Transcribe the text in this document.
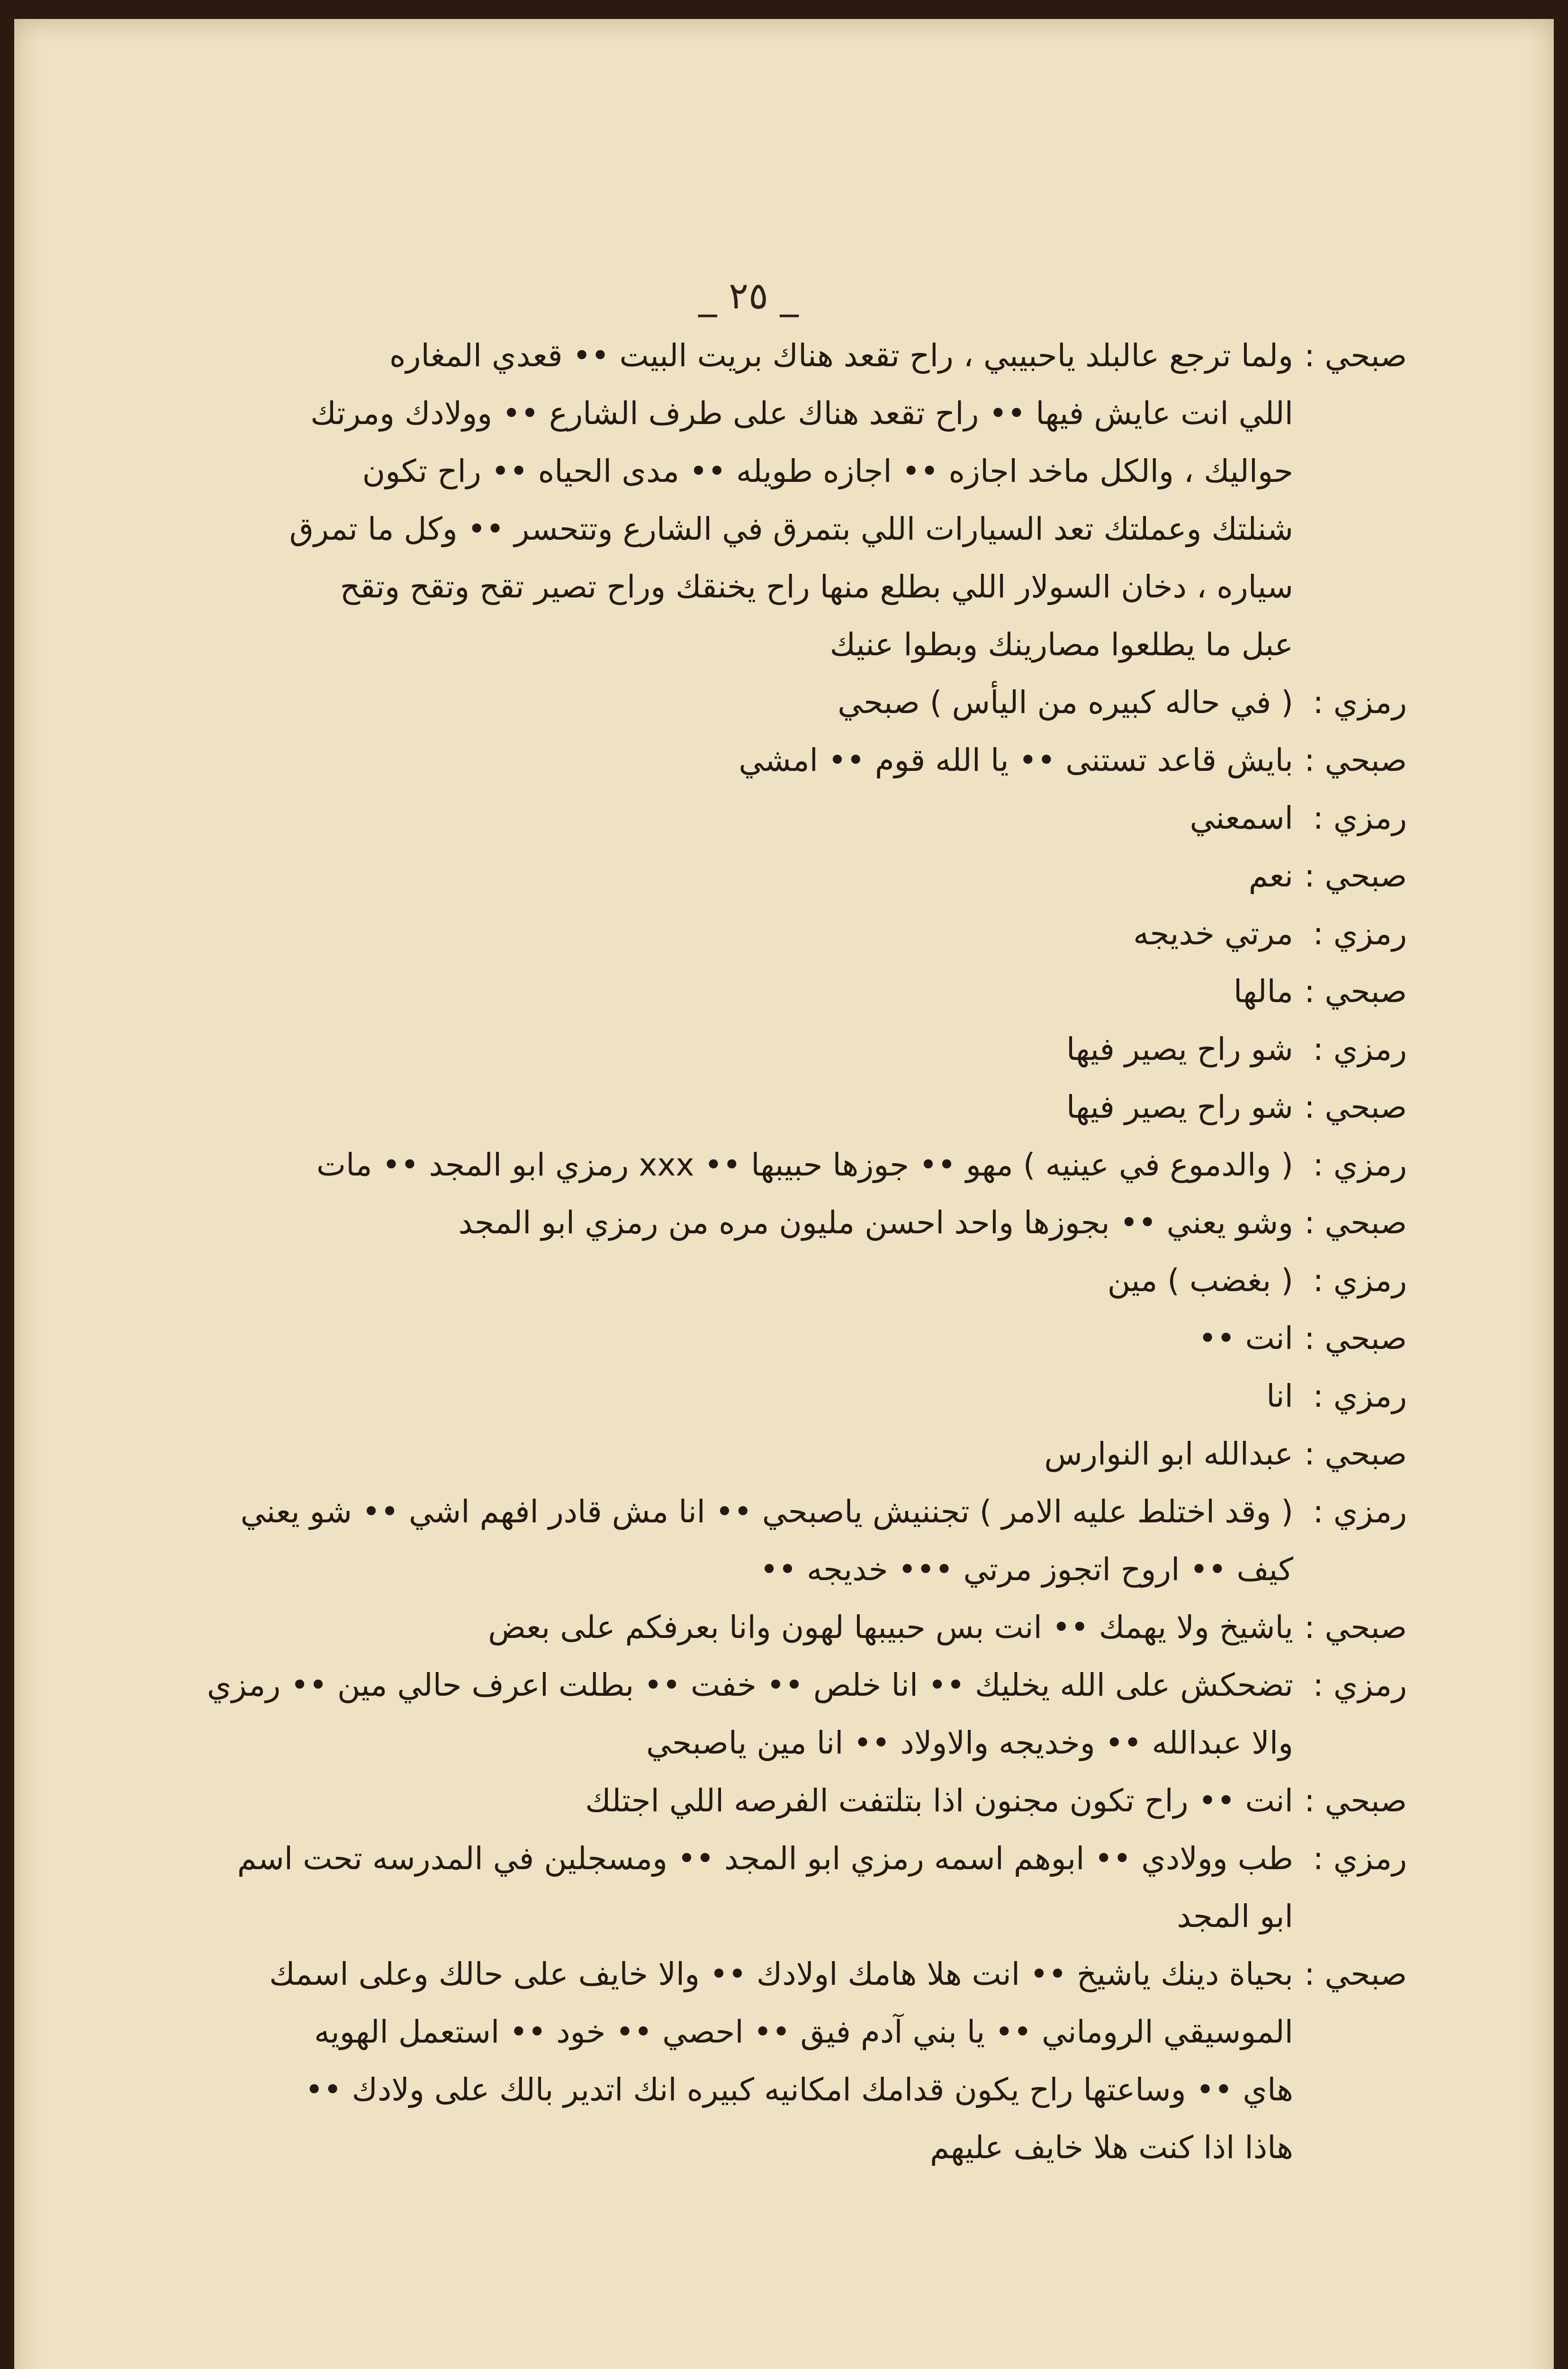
_ ٢٥ _
صبحي :
ولما ترجع عالبلد ياحبيبي ، راح تقعد هناك بريت البيت •• قعدي المغاره
اللي انت عايش فيها •• راح تقعد هناك على طرف الشارع •• وولادك ومرتك
حواليك ، والكل ماخد اجازه •• اجازه طويله •• مدى الحياه •• راح تكون
شنلتك وعملتك تعد السيارات اللي بتمرق في الشارع وتتحسر •• وكل ما تمرق
سياره ، دخان السولار اللي بطلع منها راح يخنقك وراح تصير تقح وتقح وتقح
عبل ما يطلعوا مصارينك وبطوا عنيك
رمزي :
( في حاله كبيره من اليأس ) صبحي
صبحي :
بايش قاعد تستنى •• يا الله قوم •• امشي
رمزي :
اسمعني
صبحي :
نعم
رمزي :
مرتي خديجه
صبحي :
مالها
رمزي :
شو راح يصير فيها
صبحي :
شو راح يصير فيها
رمزي :
( والدموع في عينيه ) مهو •• جوزها حبيبها •• xxx رمزي ابو المجد •• مات
صبحي :
وشو يعني •• بجوزها واحد احسن مليون مره من رمزي ابو المجد
رمزي :
( بغضب ) مين
صبحي :
انت ••
رمزي :
انا
صبحي :
عبدالله ابو النوارس
رمزي :
( وقد اختلط عليه الامر ) تجننيش ياصبحي •• انا مش قادر افهم اشي •• شو يعني
كيف •• اروح اتجوز مرتي ••• خديجه ••
صبحي :
ياشيخ ولا يهمك •• انت بس حبيبها لهون وانا بعرفكم على بعض
رمزي :
تضحكش على الله يخليك •• انا خلص •• خفت •• بطلت اعرف حالي مين •• رمزي
والا عبدالله •• وخديجه والاولاد •• انا مين ياصبحي
صبحي :
انت •• راح تكون مجنون اذا بتلتفت الفرصه اللي اجتلك
رمزي :
طب وولادي •• ابوهم اسمه رمزي ابو المجد •• ومسجلين في المدرسه تحت اسم
ابو المجد
صبحي :
بحياة دينك ياشيخ •• انت هلا هامك اولادك •• والا خايف على حالك وعلى اسمك
الموسيقي الروماني •• يا بني آدم فيق •• احصي •• خود •• استعمل الهويه
هاي •• وساعتها راح يكون قدامك امكانيه كبيره انك اتدير بالك على ولادك ••
هاذا اذا كنت هلا خايف عليهم
